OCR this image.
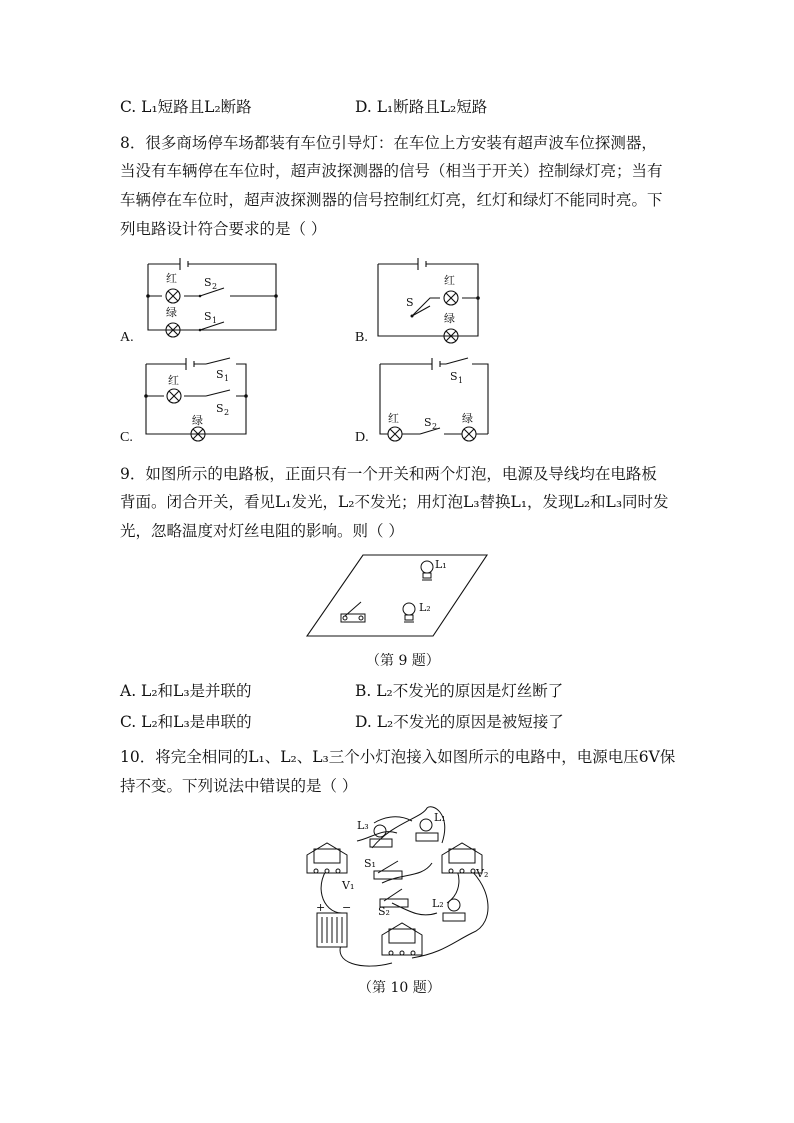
C. L₁短路且L₂断路	D. L₁断路且L₂短路
8．很多商场停车场都装有车位引导灯：在车位上方安装有超声波车位探测器，
当没有车辆停在车位时，超声波探测器的信号（相当于开关）控制绿灯亮；当有
车辆停在车位时，超声波探测器的信号控制红灯亮，红灯和绿灯不能同时亮。下
列电路设计符合要求的是（ ）
红 S 2
绿 S 1
A.
红
S
绿
B.
红	S 1
S 2
绿
C.
S 1
红 S 2
绿
D.
9．如图所示的电路板，正面只有一个开关和两个灯泡，电源及导线均在电路板
背面。闭合开关，看见L₁发光，L₂不发光；用灯泡L₃替换L₁，发现L₂和L₃同时发
光，忽略温度对灯丝电阻的影响。则（ ）
L₁
L₂
（第 9 题）
A. L₂和L₃是并联的	B. L₂不发光的原因是灯丝断了
C. L₂和L₃是串联的	D. L₂不发光的原因是被短接了
10．将完全相同的L₁、L₂、L₃三个小灯泡接入如图所示的电路中，电源电压6V保
持不变。下列说法中错误的是（ ）
L₃
L₁
S₁
V₁
V₂
S₂
L₂
+ −
（第 10 题）
